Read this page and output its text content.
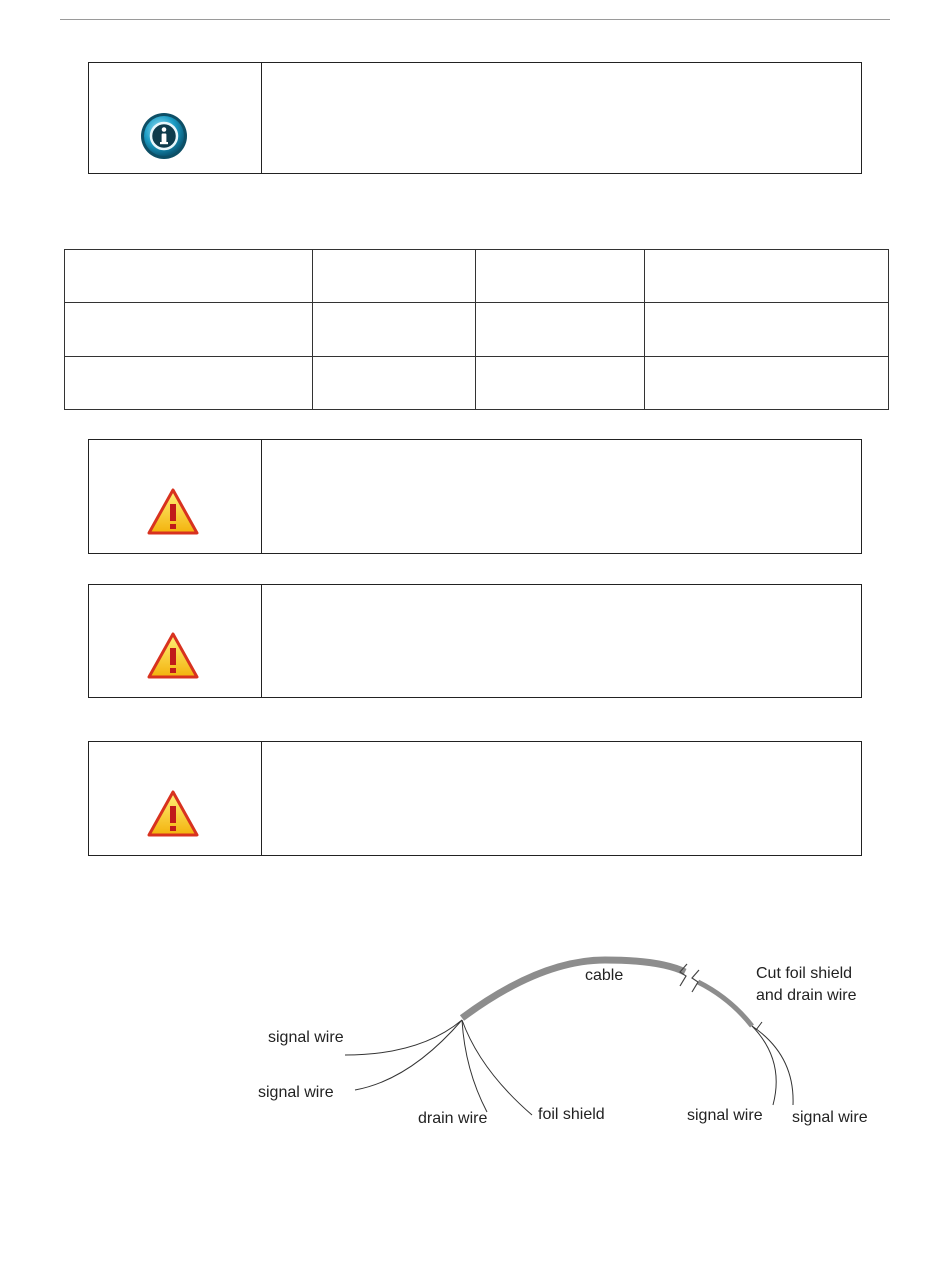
cable	Cut foil shield
and drain wire
signal wire
signal wire
drain wire	foil shield	signal wire signal wire
